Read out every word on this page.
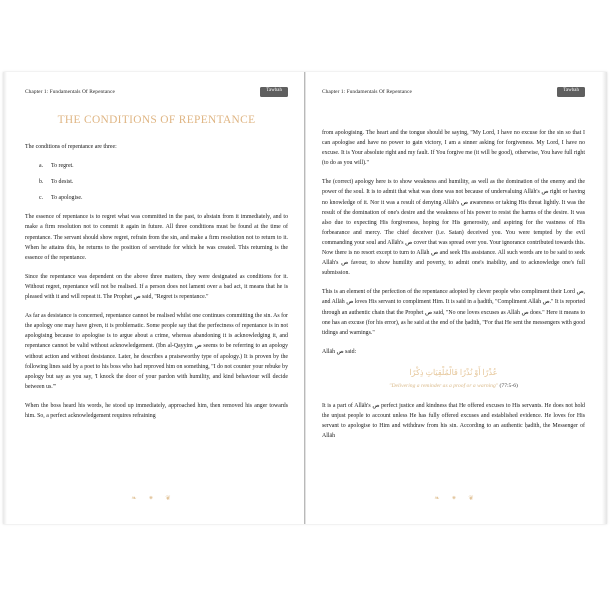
Chapter 1: Fundamentals Of Repentance	Tawbah
THE CONDITIONS OF REPENTANCE

The conditions of repentance are three:

a.	To regret.
b.	To desist.
c.	To apologise.

The essence of repentance is to regret what was committed in the past, to abstain from it immediately, and to make a firm resolution not to commit it again in future. All three conditions must be found at the time of repentance. The servant should show regret, refrain from the sin, and make a firm resolution not to return to it. When he attains this, he returns to the position of servitude for which he was created. This returning is the essence of the repentance.

Since the repentance was dependent on the above three matters, they were designated as conditions for it. Without regret, repentance will not be realised. If a person does not lament over a bad act, it means that he is pleased with it and will repeat it. The Prophet ص said, "Regret is repentance."

As far as desistance is concerned, repentance cannot be realised whilst one continues committing the sin. As for the apology one may have given, it is problematic. Some people say that the perfectness of repentance is in not apologising because to apologise is to argue about a crime, whereas abandoning it is acknowledging it, and repentance cannot be valid without acknowledgement. (Ibn al-Qayyim ص seems to be referring to an apology without action and without desistance. Later, he describes a praiseworthy type of apology.) It is proven by the following lines said by a poet to his boss who had reproved him on something, "I do not counter your rebuke by apology but say as you say, 'I knock the door of your pardon with humility, and kind behaviour will decide between us.'"

When the boss heard his words, he stood up immediately, approached him, then removed his anger towards him. So, a perfect acknowledgement requires refraining

❧ ⁕ ❦
Chapter 1: Fundamentals Of Repentance	Tawbah

from apologising. The heart and the tongue should be saying, "My Lord, I have no excuse for the sin so that I can apologise and have no power to gain victory, I am a sinner asking for forgiveness. My Lord, I have no excuse. It is Your absolute right and my fault. If You forgive me (it will be good), otherwise, You have full right (to do as you will)."

The (correct) apology here is to show weakness and humility, as well as the domination of the enemy and the power of the soul. It is to admit that what was done was not because of undervaluing Allāh's ص right or having no knowledge of it. Nor it was a result of denying Allāh's ص awareness or taking His threat lightly. It was the result of the domination of one's desire and the weakness of his power to resist the harms of the desire. It was also due to expecting His forgiveness, hoping for His generosity, and aspiring for the vastness of His forbearance and mercy. The chief deceiver (i.e. Satan) deceived you. You were tempted by the evil commanding your soul and Allāh's ص cover that was spread over you. Your ignorance contributed towards this. Now there is no resort except to turn to Allāh ص and seek His assistance. All such words are to be said to seek Allāh's ص favour, to show humility and poverty, to admit one's inability, and to acknowledge one's full submission.

This is an element of the perfection of the repentance adopted by clever people who compliment their Lord ص, and Allāh ص loves His servant to compliment Him. It is said in a ḥadīth, "Compliment Allāh ص." It is reported through an authentic chain that the Prophet ص said, "No one loves excuses as Allāh ص does." Here it means to one has an excuse (for his error), as he said at the end of the ḥadīth, "For that He sent the messengers with good tidings and warnings."

Allāh ص said:

عُذْرًا أَوْ نُذْرًا فَالْمُلْقِيَاتِ ذِكْرًا
"Delivering a reminder as a proof or a warning" (77:5-6)

It is a part of Allāh's ص perfect justice and kindness that He offered excuses to His servants. He does not hold the unjust people to account unless He has fully offered excuses and established evidence. He loves for His servant to apologise to Him and withdraw from his sin. According to an authentic ḥadīth, the Messenger of Allāh

❧ ⁕ ❦
